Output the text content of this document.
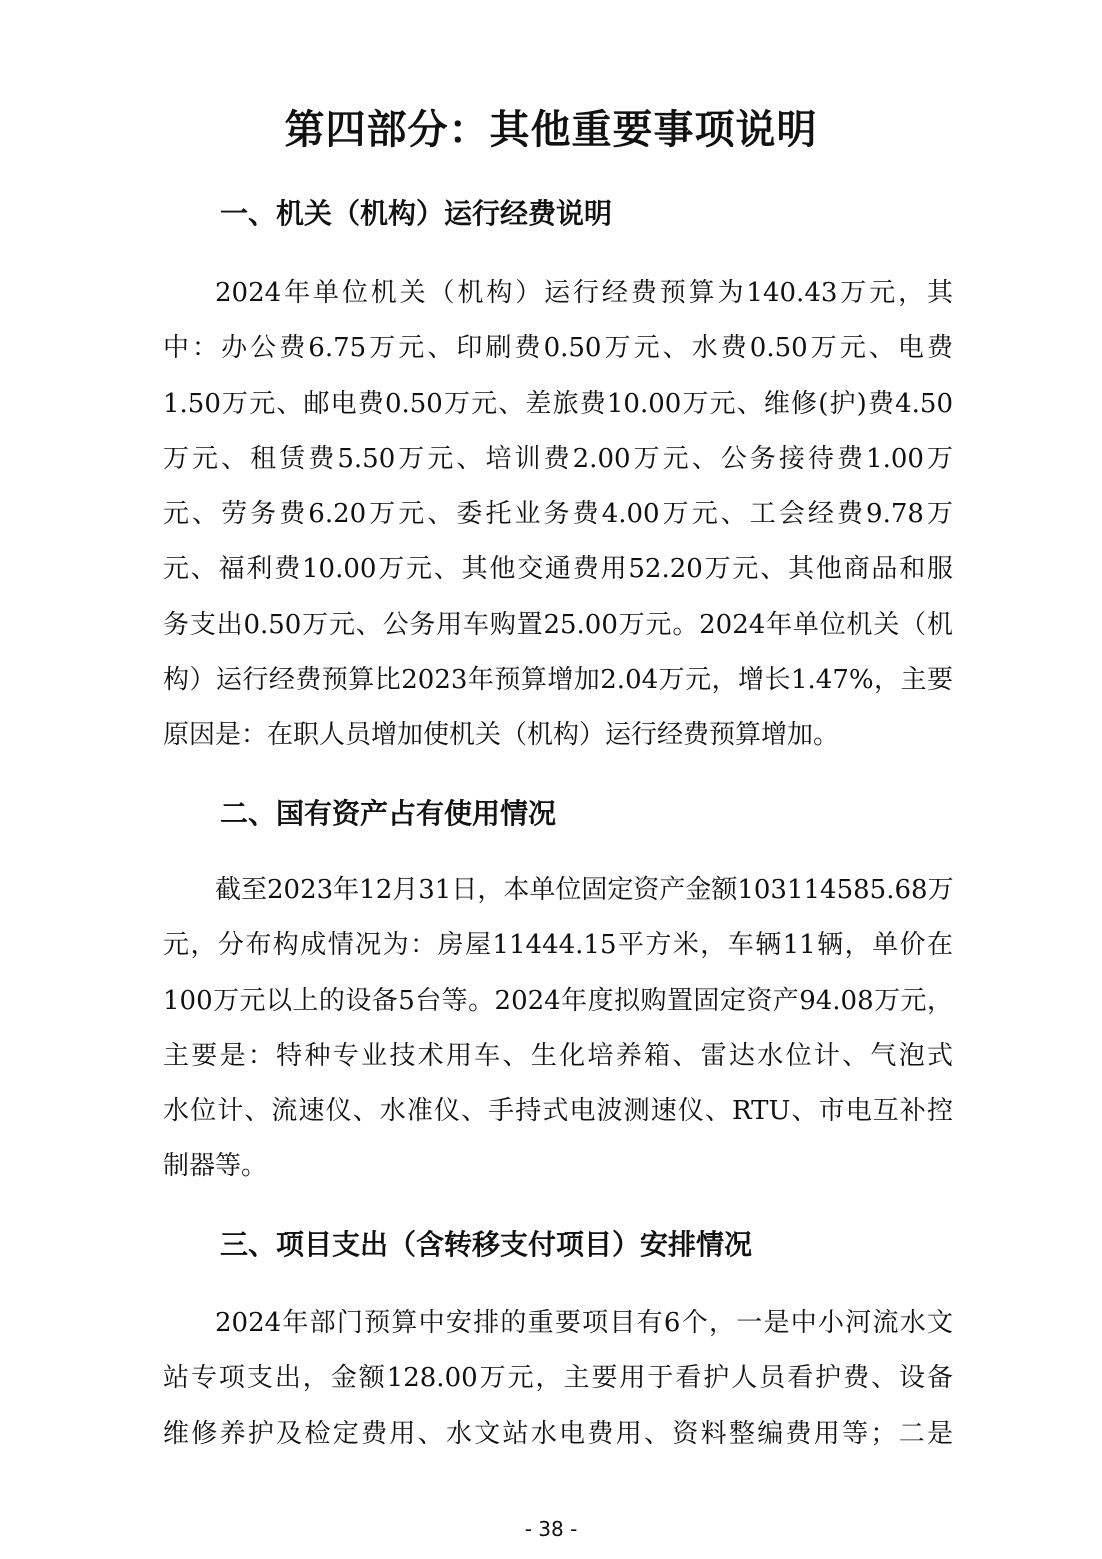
第四部分：其他重要事项说明
一、机关（机构）运行经费说明
2024年单位机关（机构）运行经费预算为140.43万元，其
中：办公费6.75万元、印刷费0.50万元、水费0.50万元、电费
1.50万元、邮电费0.50万元、差旅费10.00万元、维修(护)费4.50
万元、租赁费5.50万元、培训费2.00万元、公务接待费1.00万
元、劳务费6.20万元、委托业务费4.00万元、工会经费9.78万
元、福利费10.00万元、其他交通费用52.20万元、其他商品和服
务支出0.50万元、公务用车购置25.00万元。2024年单位机关（机
构）运行经费预算比2023年预算增加2.04万元，增长1.47%，主要
原因是：在职人员增加使机关（机构）运行经费预算增加。
二、国有资产占有使用情况
截至2023年12月31日，本单位固定资产金额103114585.68万
元，分布构成情况为：房屋11444.15平方米，车辆11辆，单价在
100万元以上的设备5台等。2024年度拟购置固定资产94.08万元，
主要是：特种专业技术用车、生化培养箱、雷达水位计、气泡式
水位计、流速仪、水准仪、手持式电波测速仪、RTU、市电互补控
制器等。
三、项目支出（含转移支付项目）安排情况
2024年部门预算中安排的重要项目有6个，一是中小河流水文
站专项支出，金额128.00万元，主要用于看护人员看护费、设备
维修养护及检定费用、水文站水电费用、资料整编费用等；二是
- 38 -
